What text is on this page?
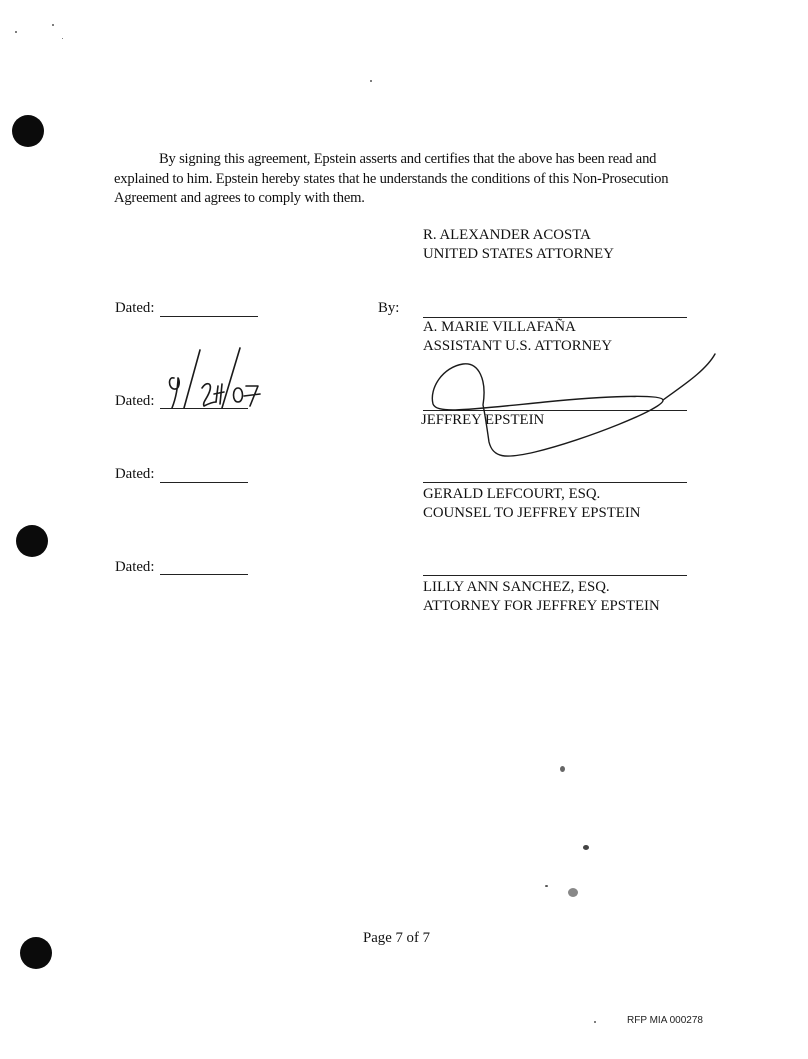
By signing this agreement, Epstein asserts and certifies that the above has been read and explained to him. Epstein hereby states that he understands the conditions of this Non-Prosecution Agreement and agrees to comply with them.
R. ALEXANDER ACOSTA
UNITED STATES ATTORNEY
Dated:	By:
A. MARIE VILLAFAÑA
ASSISTANT U.S. ATTORNEY
Dated:
JEFFREY EPSTEIN
Dated:
GERALD LEFCOURT, ESQ.
COUNSEL TO JEFFREY EPSTEIN
Dated:
LILLY ANN SANCHEZ, ESQ.
ATTORNEY FOR JEFFREY EPSTEIN
Page 7 of 7
RFP MIA 000278
